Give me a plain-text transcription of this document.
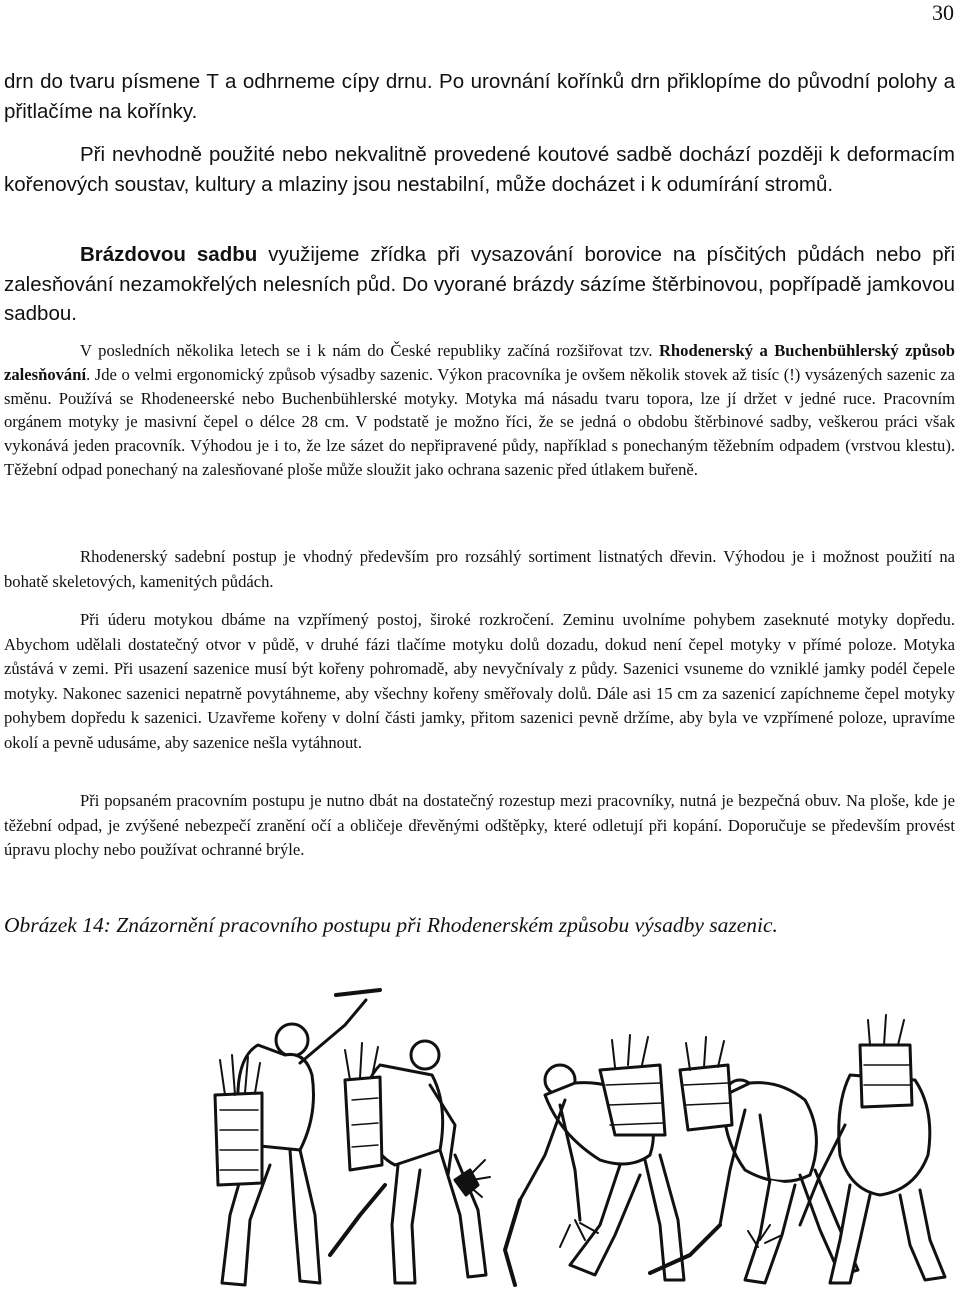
30

drn do tvaru písmene T a odhrneme cípy drnu. Po urovnání kořínků drn přiklopíme do původní polohy a přitlačíme na kořínky.

Při nevhodně použité nebo nekvalitně provedené koutové sadbě dochází později k deformacím kořenových soustav, kultury a mlaziny jsou nestabilní, může docházet i k odumírání stromů.

Brázdovou sadbu využijeme zřídka při vysazování borovice na písčitých půdách nebo při zalesňování nezamokřelých nelesních půd. Do vyorané brázdy sázíme štěrbinovou, popřípadě jamkovou sadbou.

V posledních několika letech se i k nám do České republiky začíná rozšiřovat tzv. Rhodenerský a Buchenbühlerský způsob zalesňování. Jde o velmi ergonomický způsob výsadby sazenic. Výkon pracovníka je ovšem několik stovek až tisíc (!) vysázených sazenic za směnu. Používá se Rhodeneerské nebo Buchenbühlerské motyky. Motyka má násadu tvaru topora, lze jí držet v jedné ruce. Pracovním orgánem motyky je masivní čepel o délce 28 cm. V podstatě je možno říci, že se jedná o obdobu štěrbinové sadby, veškerou práci však vykonává jeden pracovník. Výhodou je i to, že lze sázet do nepřipravené půdy, například s ponechaným těžebním odpadem (vrstvou klestu). Těžební odpad ponechaný na zalesňované ploše může sloužit jako ochrana sazenic před útlakem buřeně.

Rhodenerský sadební postup je vhodný především pro rozsáhlý sortiment listnatých dřevin. Výhodou je i možnost použití na bohatě skeletových, kamenitých půdách.

Při úderu motykou dbáme na vzpřímený postoj, široké rozkročení. Zeminu uvolníme pohybem zaseknuté motyky dopředu. Abychom udělali dostatečný otvor v půdě, v druhé fázi tlačíme motyku dolů dozadu, dokud není čepel motyky v přímé poloze. Motyka zůstává v zemi. Při usazení sazenice musí být kořeny pohromadě, aby nevyčnívaly z půdy. Sazenici vsuneme do vzniklé jamky podél čepele motyky. Nakonec sazenici nepatrně povytáhneme, aby všechny kořeny směřovaly dolů. Dále asi 15 cm za sazenicí zapíchneme čepel motyky pohybem dopředu k sazenici. Uzavřeme kořeny v dolní části jamky, přitom sazenici pevně držíme, aby byla ve vzpřímené poloze, upravíme okolí a pevně udusáme, aby sazenice nešla vytáhnout.

Při popsaném pracovním postupu je nutno dbát na dostatečný rozestup mezi pracovníky, nutná je bezpečná obuv. Na ploše, kde je těžební odpad, je zvýšené nebezpečí zranění očí a obličeje dřevěnými odštěpky, které odletují při kopání. Doporučuje se především provést úpravu plochy nebo používat ochranné brýle.

Obrázek 14: Znázornění pracovního postupu při Rhodenerském způsobu výsadby sazenic.
